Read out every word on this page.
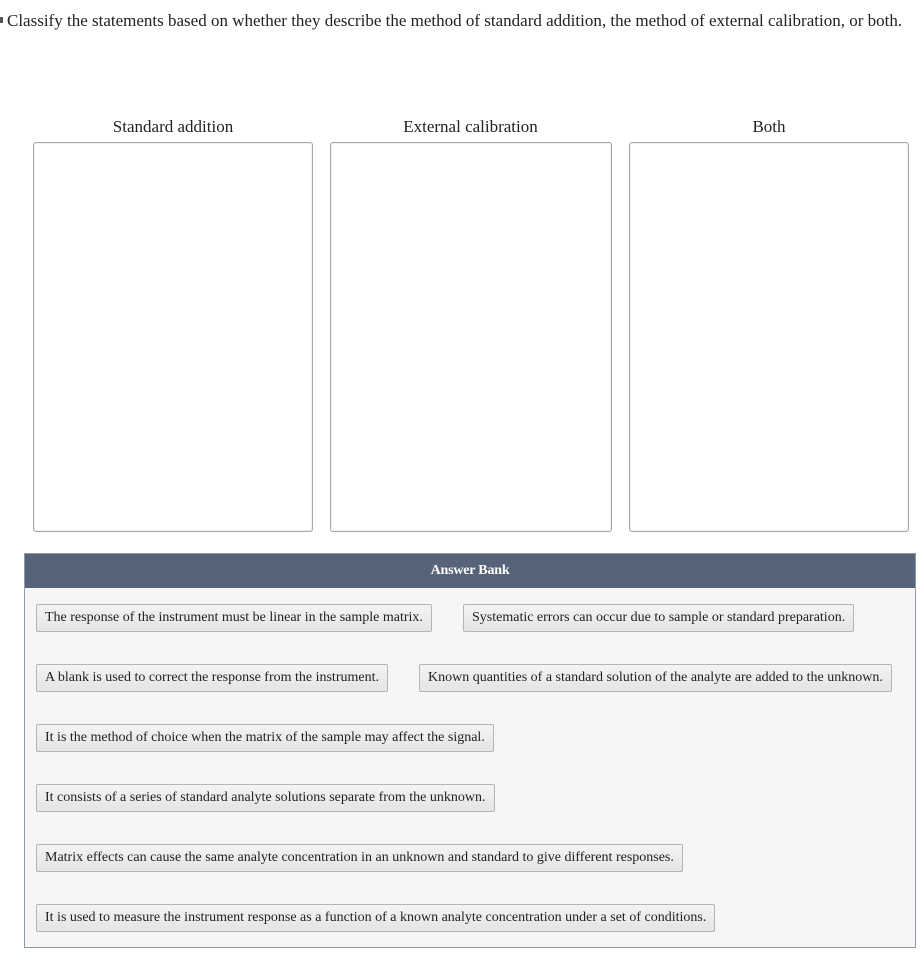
Classify the statements based on whether they describe the method of standard addition, the method of external calibration, or both.
Standard addition	External calibration	Both
Answer Bank
The response of the instrument must be linear in the sample matrix.	Systematic errors can occur due to sample or standard preparation.
A blank is used to correct the response from the instrument.	Known quantities of a standard solution of the analyte are added to the unknown.
It is the method of choice when the matrix of the sample may affect the signal.
It consists of a series of standard analyte solutions separate from the unknown.
Matrix effects can cause the same analyte concentration in an unknown and standard to give different responses.
It is used to measure the instrument response as a function of a known analyte concentration under a set of conditions.
